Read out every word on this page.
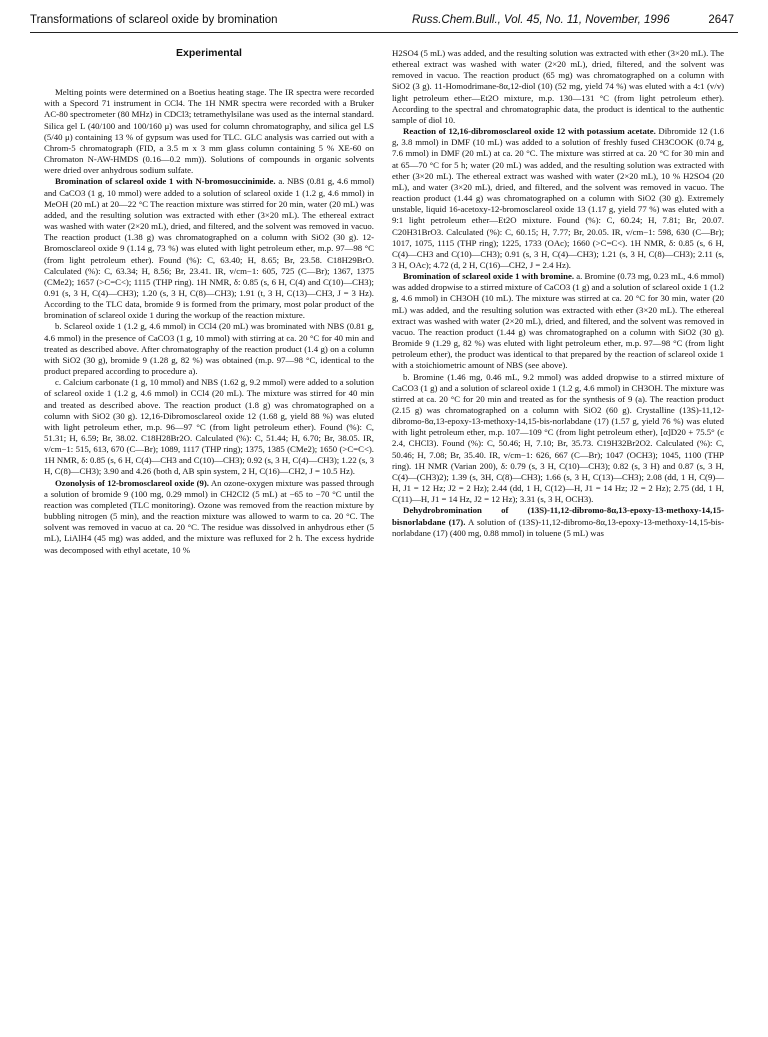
Transformations of sclareol oxide by bromination	Russ.Chem.Bull., Vol. 45, No. 11, November, 1996	2647
Experimental

Melting points were determined on a Boetius heating stage. The IR spectra were recorded with a Specord 71 instrument in CCl4. The 1H NMR spectra were recorded with a Bruker AC-80 spectrometer (80 MHz) in CDCl3; tetramethylsilane was used as the internal standard. Silica gel L (40/100 and 100/160 μ) was used for column chromatography, and silica gel LS (5/40 μ) containing 13 % of gypsum was used for TLC. GLC analysis was carried out with a Chrom-5 chromatograph (FID, a 3.5 m x 3 mm glass column containing 5 % XE-60 on Chromaton N-AW-HMDS (0.16—0.2 mm)). Solutions of compounds in organic solvents were dried over anhydrous sodium sulfate.

Bromination of sclareol oxide 1 with N-bromosuccinimide. a. NBS (0.81 g, 4.6 mmol) and CaCO3 (1 g, 10 mmol) were added to a solution of sclareol oxide 1 (1.2 g, 4.6 mmol) in MeOH (20 mL) at 20—22 °C The reaction mixture was stirred for 20 min, water (20 mL) was added, and the resulting solution was extracted with ether (3×20 mL). The ethereal extract was washed with water (2×20 mL), dried, and filtered, and the solvent was removed in vacuo. The reaction product (1.38 g) was chromatographed on a column with SiO2 (30 g). 12-Bromosclareol oxide 9 (1.14 g, 73 %) was eluted with light petroleum ether, m.p. 97—98 °C (from light petroleum ether). Found (%): C, 63.40; H, 8.65; Br, 23.58. C18H29BrO. Calculated (%): C, 63.34; H, 8.56; Br, 23.41. IR, v/cm−1: 605, 725 (C—Br); 1367, 1375 (CMe2); 1657 (>C=C<); 1115 (THP ring). 1H NMR, δ: 0.85 (s, 6 H, C(4) and C(10)—CH3); 0.91 (s, 3 H, C(4)—CH3); 1.20 (s, 3 H, C(8)—CH3); 1.91 (t, 3 H, C(13)—CH3, J = 3 Hz). According to the TLC data, bromide 9 is formed from the primary, most polar product of the bromination of sclareol oxide 1 during the workup of the reaction mixture.

b. Sclareol oxide 1 (1.2 g, 4.6 mmol) in CCl4 (20 mL) was brominated with NBS (0.81 g, 4.6 mmol) in the presence of CaCO3 (1 g, 10 mmol) with stirring at ca. 20 °C for 40 min and treated as described above. After chromatography of the reaction product (1.4 g) on a column with SiO2 (30 g), bromide 9 (1.28 g, 82 %) was obtained (m.p. 97—98 °C, identical to the product prepared according to procedure a).

c. Calcium carbonate (1 g, 10 mmol) and NBS (1.62 g, 9.2 mmol) were added to a solution of sclareol oxide 1 (1.2 g, 4.6 mmol) in CCl4 (20 mL). The mixture was stirred for 40 min and treated as described above. The reaction product (1.8 g) was chromatographed on a column with SiO2 (30 g). 12,16-Dibromosclareol oxide 12 (1.68 g, yield 88 %) was eluted with light petroleum ether, m.p. 96—97 °C (from light petroleum ether). Found (%): C, 51.31; H, 6.59; Br, 38.02. C18H28Br2O. Calculated (%): C, 51.44; H, 6.70; Br, 38.05. IR, v/cm−1: 515, 613, 670 (C—Br); 1089, 1117 (THP ring); 1375, 1385 (CMe2); 1650 (>C=C<). 1H NMR, δ: 0.85 (s, 6 H, C(4)—CH3 and C(10)—CH3); 0.92 (s, 3 H, C(4)—CH3); 1.22 (s, 3 H, C(8)—CH3); 3.90 and 4.26 (both d, AB spin system, 2 H, C(16)—CH2, J = 10.5 Hz).

Ozonolysis of 12-bromosclareol oxide (9). An ozone-oxygen mixture was passed through a solution of bromide 9 (100 mg, 0.29 mmol) in CH2Cl2 (5 mL) at −65 to −70 °C until the reaction was completed (TLC monitoring). Ozone was removed from the reaction mixture by bubbling nitrogen (5 min), and the reaction mixture was allowed to warm to ca. 20 °C. The solvent was removed in vacuo at ca. 20 °C. The residue was dissolved in anhydrous ether (5 mL), LiAlH4 (45 mg) was added, and the mixture was refluxed for 2 h. The excess hydride was decomposed with ethyl acetate, 10 %

H2SO4 (5 mL) was added, and the resulting solution was extracted with ether (3×20 mL). The ethereal extract was washed with water (2×20 mL), dried, filtered, and the solvent was removed in vacuo. The reaction product (65 mg) was chromatographed on a column with SiO2 (3 g). 11-Homodrimane-8α,12-diol (10) (52 mg, yield 74 %) was eluted with a 4:1 (v/v) light petroleum ether—Et2O mixture, m.p. 130—131 °C (from light petroleum ether). According to the spectral and chromatographic data, the product is identical to the authentic sample of diol 10.

Reaction of 12,16-dibromosclareol oxide 12 with potassium acetate. Dibromide 12 (1.6 g, 3.8 mmol) in DMF (10 mL) was added to a solution of freshly fused CH3COOK (0.74 g, 7.6 mmol) in DMF (20 mL) at ca. 20 °C. The mixture was stirred at ca. 20 °C for 30 min and at 65—70 °C for 5 h; water (20 mL) was added, and the resulting solution was extracted with ether (3×20 mL). The ethereal extract was washed with water (2×20 mL), 10 % H2SO4 (20 mL), and water (3×20 mL), dried, and filtered, and the solvent was removed in vacuo. The reaction product (1.44 g) was chromatographed on a column with SiO2 (30 g). Extremely unstable, liquid 16-acetoxy-12-bromosclareol oxide 13 (1.17 g, yield 77 %) was eluted with a 9:1 light petroleum ether—Et2O mixture. Found (%): C, 60.24; H, 7.81; Br, 20.07. C20H31BrO3. Calculated (%): C, 60.15; H, 7.77; Br, 20.05. IR, v/cm−1: 598, 630 (C—Br); 1017, 1075, 1115 (THP ring); 1225, 1733 (OAc); 1660 (>C=C<). 1H NMR, δ: 0.85 (s, 6 H, C(4)—CH3 and C(10)—CH3); 0.91 (s, 3 H, C(4)—CH3); 1.21 (s, 3 H, C(8)—CH3); 2.11 (s, 3 H, OAc); 4.72 (d, 2 H, C(16)—CH2, J = 2.4 Hz).

Bromination of sclareol oxide 1 with bromine. a. Bromine (0.73 mg, 0.23 mL, 4.6 mmol) was added dropwise to a stirred mixture of CaCO3 (1 g) and a solution of sclareol oxide 1 (1.2 g, 4.6 mmol) in CH3OH (10 mL). The mixture was stirred at ca. 20 °C for 30 min, water (20 mL) was added, and the resulting solution was extracted with ether (3×20 mL). The ethereal extract was washed with water (2×20 mL), dried, and filtered, and the solvent was removed in vacuo. The reaction product (1.44 g) was chromatographed on a column with SiO2 (30 g). Bromide 9 (1.29 g, 82 %) was eluted with light petroleum ether, m.p. 97—98 °C (from light petroleum ether), the product was identical to that prepared by the reaction of sclareol oxide 1 with a stoichiometric amount of NBS (see above).

b. Bromine (1.46 mg, 0.46 mL, 9.2 mmol) was added dropwise to a stirred mixture of CaCO3 (1 g) and a solution of sclareol oxide 1 (1.2 g, 4.6 mmol) in CH3OH. The mixture was stirred at ca. 20 °C for 20 min and treated as for the synthesis of 9 (a). The reaction product (2.15 g) was chromatographed on a column with SiO2 (60 g). Crystalline (13S)-11,12-dibromo-8α,13-epoxy-13-methoxy-14,15-bis-norlabdane (17) (1.57 g, yield 76 %) was eluted with light petroleum ether, m.p. 107—109 °C (from light petroleum ether), [α]D20 + 75.5° (c 2.4, CHCl3). Found (%): C, 50.46; H, 7.10; Br, 35.73. C19H32Br2O2. Calculated (%): C, 50.46; H, 7.08; Br, 35.40. IR, v/cm−1: 626, 667 (C—Br); 1047 (OCH3); 1045, 1100 (THP ring). 1H NMR (Varian 200), δ: 0.79 (s, 3 H, C(10)—CH3); 0.82 (s, 3 H) and 0.87 (s, 3 H, C(4)—(CH3)2); 1.39 (s, 3H, C(8)—CH3); 1.66 (s, 3 H, C(13)—CH3); 2.08 (dd, 1 H, C(9)—H, J1 = 12 Hz; J2 = 2 Hz); 2.44 (dd, 1 H, C(12)—H, J1 = 14 Hz; J2 = 2 Hz); 2.75 (dd, 1 H, C(11)—H, J1 = 14 Hz, J2 = 12 Hz); 3.31 (s, 3 H, OCH3).

Dehydrobromination of (13S)-11,12-dibromo-8α,13-epoxy-13-methoxy-14,15-bisnorlabdane (17). A solution of (13S)-11,12-dibromo-8α,13-epoxy-13-methoxy-14,15-bis-norlabdane (17) (400 mg, 0.88 mmol) in toluene (5 mL) was
